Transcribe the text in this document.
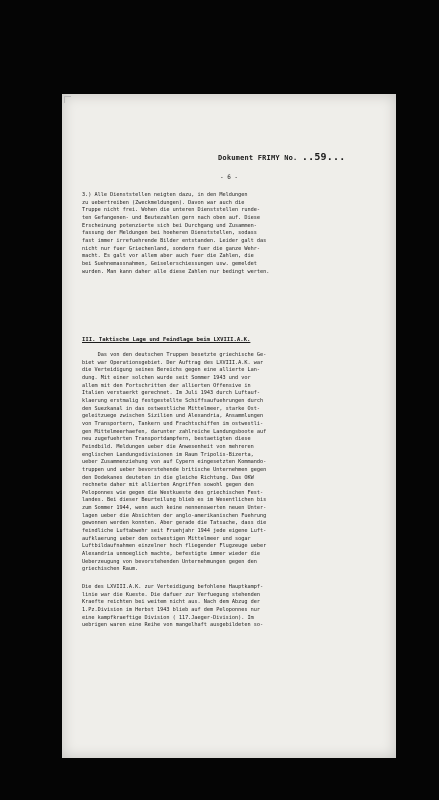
Dokument FRIMY No. ..59...
- 6 -
3.) Alle Dienststellen neigten dazu, in den Meldungen
zu uebertreiben (Zweckmeldungen). Davon war auch die
Truppe nicht frei. Wohen die unteren Dienststellen runde-
ten Gefangenen- und Beutezahlen gern nach oben auf. Diese
Erscheinung potenzierte sich bei Durchgang und Zusammen-
fassung der Meldungen bei hoeheren Dienststellen, sodass
fast immer irrefuehrende Bilder entstanden. Leider galt das
nicht nur fuer Griechenland, sondern fuer die ganze Wehr-
macht. Es galt vor allem aber auch fuer die Zahlen, die
bei Suehnemassnahmen, Geiselerschiessungen usw. gemeldet
wurden. Man kann daher alle diese Zahlen nur bedingt werten.

III. Taktische Lage und Feindlage beim LXVIII.A.K.
Das von den deutschen Truppen besetzte griechische Ge-
biet war Operationsgebiet. Der Auftrag des LXVIII.A.K. war
die Verteidigung seines Bereichs gegen eine allierte Lan-
dung. Mit einer solchen wurde seit Sommer 1943 und vor
allem mit den Fortschritten der allierten Offensive in
Italien verstaerkt gerechnet. Im Juli 1943 durch Luftauf-
klaerung erstmalig festgestellte Schiffsaufuehrungen durch
den Suezkanal in das ostwestliche Mittelmeer, starke Ost-
geleitzuege zwischen Sizilien und Alexandria, Ansammlungen
von Transportern, Tankern und Frachtschiffen im ostwestli-
gen Mittelmeerhaefen, darunter zahlreiche Landungsboote auf
neu zugefuehrten Transportdampfern, bestaetigten diese
Feindbild. Meldungen ueber die Anwesenheit von mehreren
englischen Landungsdivisionen im Raum Tripolis-Bizerta,
ueber Zusammenziehung von auf Cypern eingesetzten Kommando-
truppen und ueber bevorstehende britische Unternehmen gegen
den Dodekanes deuteten in die gleiche Richtung. Das OKW
rechnete daher mit allierten Angriffen sowohl gegen den
Peloponnes wie gegen die Westkueste des griechischen Fest-
landes. Bei dieser Beurteilung blieb es im Wesentlichen bis
zum Sommer 1944, wenn auch keine nennenswerten neuen Unter-
lagen ueber die Absichten der anglo-amerikanischen Fuehrung
gewonnen werden konnten. Aber gerade die Tatsache, dass die
feindliche Luftabwehr seit Fruehjahr 1944 jede eigene Luft-
aufklaerung ueber dem ostwestigen Mittelmeer und sogar
Luftbildaufnahmen einzelner hoch fliegender Flugzeuge ueber
Alexandria unmoeglich machte, befestigte immer wieder die
Ueberzeugung von bevorstehenden Unternehmungen gegen den
griechischen Raum.

Die des LXVIII.A.K. zur Verteidigung befohlene Hauptkampf-
linie war die Kueste. Die dafuer zur Verfuegung stehenden
Kraefte reichten bei weitem nicht aus. Nach dem Abzug der
1.Pz.Division im Herbst 1943 blieb auf dem Peloponnes nur
eine kampfkraeftige Division ( 117.Jaeger-Division). Im
uebrigen waren eine Reihe von mangelhaft ausgebildeten so-
